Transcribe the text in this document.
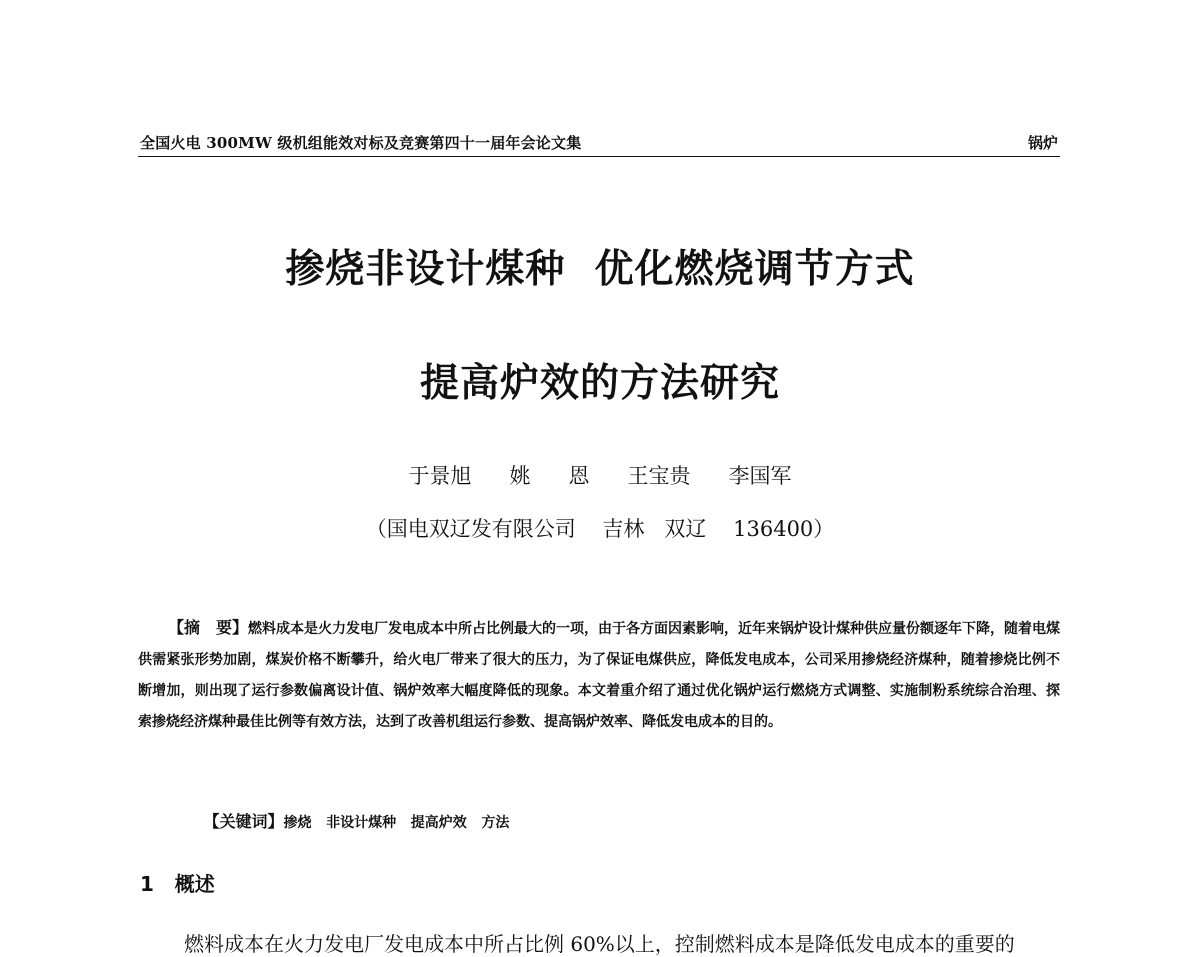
全国火电 300MW 级机组能效对标及竞赛第四十一届年会论文集	锅炉
掺烧非设计煤种  优化燃烧调节方式
提高炉效的方法研究
于景旭   姚   恩   王宝贵   李国军
（国电双辽发有限公司    吉林   双辽    136400）
【摘　要】燃料成本是火力发电厂发电成本中所占比例最大的一项，由于各方面因素影响，近年来锅炉设计煤种供应量份额逐年下降，随着电煤供需紧张形势加剧，煤炭价格不断攀升，给火电厂带来了很大的压力，为了保证电煤供应，降低发电成本，公司采用掺烧经济煤种，随着掺烧比例不断增加，则出现了运行参数偏离设计值、锅炉效率大幅度降低的现象。本文着重介绍了通过优化锅炉运行燃烧方式调整、实施制粉系统综合治理、探索掺烧经济煤种最佳比例等有效方法，达到了改善机组运行参数、提高锅炉效率、降低发电成本的目的。

【关键词】掺烧   非设计煤种   提高炉效   方法

1   概述
燃料成本在火力发电厂发电成本中所占比例 60%以上，控制燃料成本是降低发电成本的重要的
